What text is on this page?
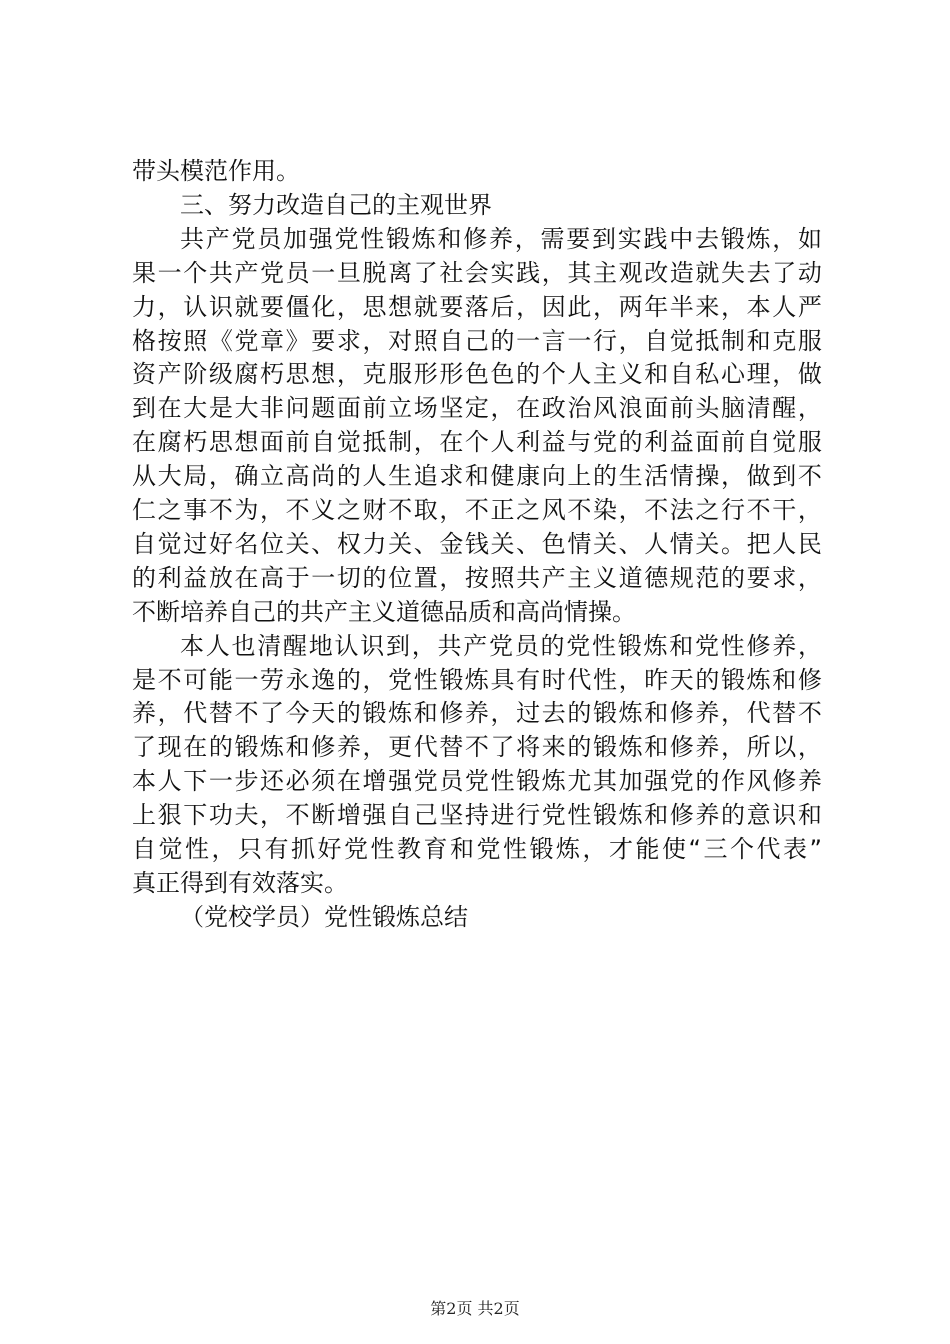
带 头 模 范 作 用 。
三 、 努 力 改 造 自 己 的 主 观 世 界
共 产 党 员 加 强 党 性 锻 炼 和 修 养 ， 需 要 到 实 践 中 去 锻 炼 ， 如
果 一 个 共 产 党 员 一 旦 脱 离 了 社 会 实 践 ， 其 主 观 改 造 就 失 去 了 动
力 ， 认 识 就 要 僵 化 ， 思 想 就 要 落 后 ， 因 此 ， 两 年 半 来 ， 本 人 严
格 按 照 《 党 章 》 要 求 ， 对 照 自 己 的 一 言 一 行 ， 自 觉 抵 制 和 克 服
资 产 阶 级 腐 朽 思 想 ， 克 服 形 形 色 色 的 个 人 主 义 和 自 私 心 理 ， 做
到 在 大 是 大 非 问 题 面 前 立 场 坚 定 ， 在 政 治 风 浪 面 前 头 脑 清 醒 ，
在 腐 朽 思 想 面 前 自 觉 抵 制 ， 在 个 人 利 益 与 党 的 利 益 面 前 自 觉 服
从 大 局 ， 确 立 高 尚 的 人 生 追 求 和 健 康 向 上 的 生 活 情 操 ， 做 到 不
仁 之 事 不 为 ， 不 义 之 财 不 取 ， 不 正 之 风 不 染 ， 不 法 之 行 不 干 ，
自 觉 过 好 名 位 关 、 权 力 关 、 金 钱 关 、 色 情 关 、 人 情 关 。 把 人 民
的 利 益 放 在 高 于 一 切 的 位 置 ， 按 照 共 产 主 义 道 德 规 范 的 要 求 ，
不 断 培 养 自 己 的 共 产 主 义 道 德 品 质 和 高 尚 情 操 。
本 人 也 清 醒 地 认 识 到 ， 共 产 党 员 的 党 性 锻 炼 和 党 性 修 养 ，
是 不 可 能 一 劳 永 逸 的 ， 党 性 锻 炼 具 有 时 代 性 ， 昨 天 的 锻 炼 和 修
养 ， 代 替 不 了 今 天 的 锻 炼 和 修 养 ， 过 去 的 锻 炼 和 修 养 ， 代 替 不
了 现 在 的 锻 炼 和 修 养 ， 更 代 替 不 了 将 来 的 锻 炼 和 修 养 ， 所 以 ，
本 人 下 一 步 还 必 须 在 增 强 党 员 党 性 锻 炼 尤 其 加 强 党 的 作 风 修 养
上 狠 下 功 夫 ， 不 断 增 强 自 己 坚 持 进 行 党 性 锻 炼 和 修 养 的 意 识 和
自 觉 性 ， 只 有 抓 好 党 性 教 育 和 党 性 锻 炼 ， 才 能 使 “ 三 个 代 表 ”
真 正 得 到 有 效 落 实 。
（ 党 校 学 员 ） 党 性 锻 炼 总 结
第2页 共2页
